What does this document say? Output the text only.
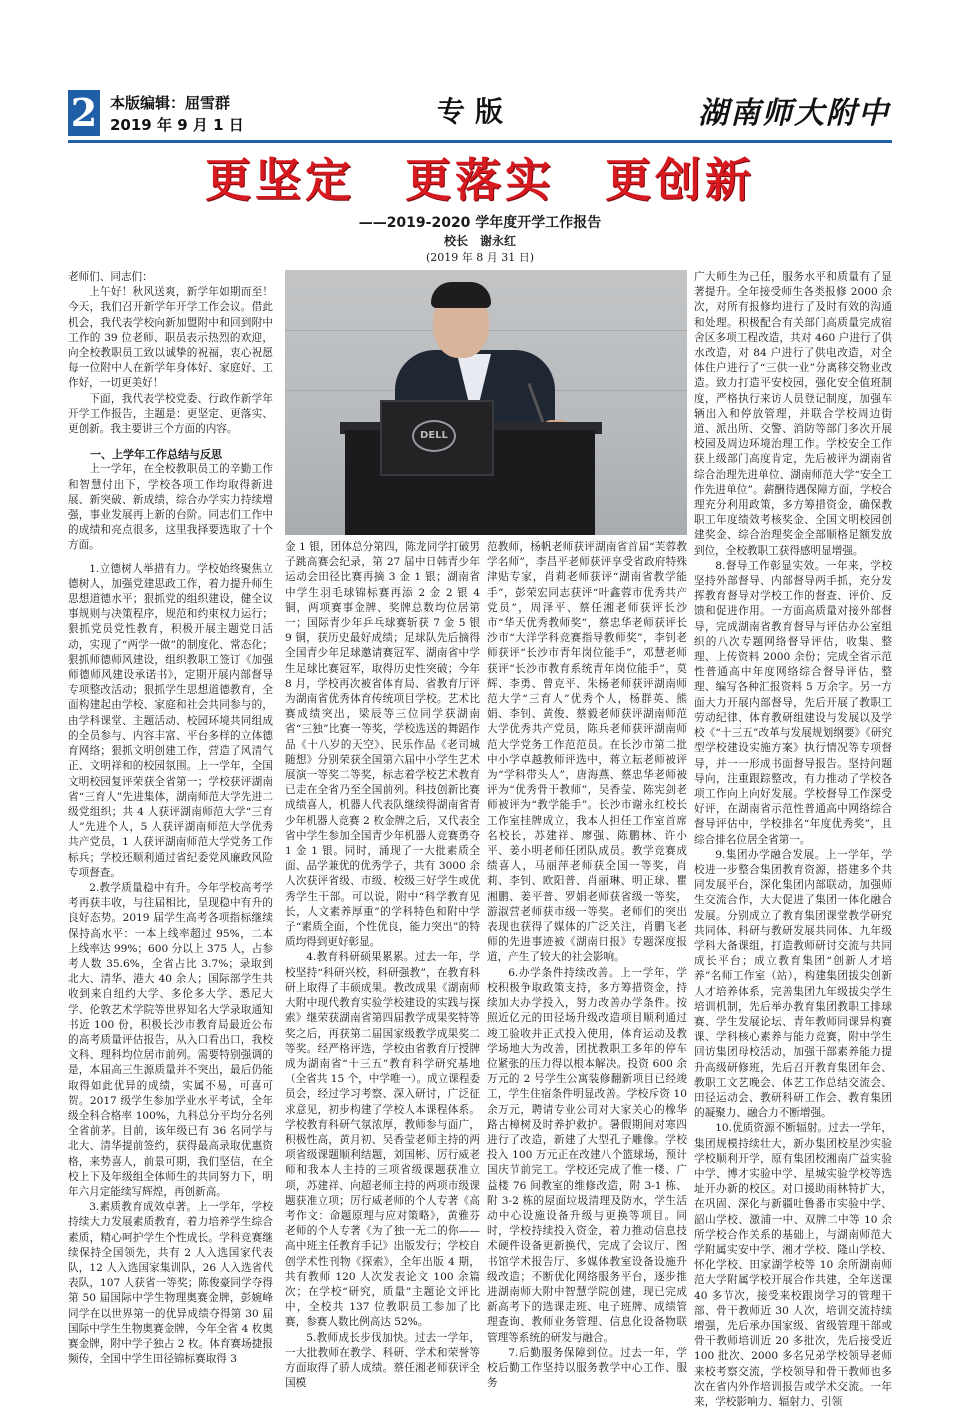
2 本版编辑：屈雪群
2019 年 9 月 1 日	专版	湖南师大附中
更坚定　更落实　更创新
——2019-2020 学年度开学工作报告
校长　谢永红
(2019 年 8 月 31 日)

老师们、同志们：

上午好！秋风送爽，新学年如期而至！今天，我们召开新学年开学工作会议。借此机会，我代表学校向新加盟附中和回到附中工作的 39 位老师、职员表示热烈的欢迎，向全校教职员工致以诚挚的祝福，衷心祝愿每一位附中人在新学年身体好、家庭好、工作好，一切更美好！

下面，我代表学校党委、行政作新学年开学工作报告，主题是：更坚定、更落实、更创新。我主要讲三个方面的内容。

一、上学年工作总结与反思

上一学年，在全校教职员工的辛勤工作和智慧付出下，学校各项工作均取得新进展、新突破、新成绩，综合办学实力持续增强，事业发展再上新的台阶。同志们工作中的成绩和亮点很多，这里我择要选取了十个方面。

1.立德树人举措有力。学校始终聚焦立德树人，加强党建思政工作，着力提升师生思想道德水平；狠抓党的组织建设，健全议事规则与决策程序，规范和约束权力运行；狠抓党员党性教育，积极开展主题党日活动，实现了“两学一做”的制度化、常态化；狠抓师德师风建设，组织教职工签订《加强师德师风建设承诺书》，定期开展内部督导专项整改活动；狠抓学生思想道德教育，全面构建起由学校、家庭和社会共同参与的，由学科课堂、主题活动、校园环境共同组成的全员参与、内容丰富、平台多样的立体德育网络；狠抓文明创建工作，营造了风清气正、文明祥和的校园氛围。上一学年，全国文明校园复评荣获全省第一；学校获评湖南省“三育人”先进集体，湖南师范大学先进二级党组织；共 4 人获评湖南师范大学“三育人”先进个人，5 人获评湖南师范大学优秀共产党员，1 人获评湖南师范大学党务工作标兵；学校还顺利通过省纪委党风廉政风险专项督查。

2.教学质量稳中有升。今年学校高考学考再获丰收，与往届相比，呈现稳中有升的良好态势。2019 届学生高考各项指标继续保持高水平：一本上线率超过 95%，二本上线率达 99%；600 分以上 375 人，占参考人数 35.6%，全省占比 3.7%；录取到北大、清华、港大 40 余人；国际部学生共收到来自纽约大学、多伦多大学、悉尼大学、伦敦艺术学院等世界知名大学录取通知书近 100 份，积极长沙市教育局最近公布的高考质量评估报告，从入口看出口，我校文科、理科均位居市前列。需要特别强调的是，本届高三生源质量并不突出，最后仍能取得如此优异的成绩，实属不易，可喜可贺。2017 级学生参加学业水平考试，全年级全科合格率 100%，九科总分平均分名列全省前茅。目前，该年级已有 36 名同学与北大、清华提前签约，获得最高录取优惠资格，来势喜人，前景可期，我们坚信，在全校上下及年级组全体师生的共同努力下，明年六月定能续写辉煌，再创新高。

3.素质教育成效卓著。上一学年，学校持续大力发展素质教育，着力培养学生综合素质，精心呵护学生个性成长。学科竞赛继续保持全国领先，共有 2 人入选国家代表队，12 人入选国家集训队，26 人入选省代表队，107 人获省一等奖；陈俊豪同学夺得第 50 届国际中学生物理奥赛金牌，彭婉峰同学在以世界第一的优异成绩夺得第 30 届国际中学生生物奥赛金牌，今年全省 4 枚奥赛金牌，附中学子独占 2 枚。体育赛场捷报频传，全国中学生田径锦标赛取得 3

DELL

金 1 银，团体总分第四，陈龙同学打破男子跳高赛会纪录，第 27 届中日韩青少年运动会田径比赛再摘 3 金 1 银；湖南省中学生羽毛球锦标赛再添 2 金 2 银 4 铜，两项赛事金牌、奖牌总数均位居第一；国际青少年乒乓球赛斩获 7 金 5 银 9 铜，获历史最好成绩；足球队先后摘得全国青少年足球邀请赛冠军、湖南省中学生足球比赛冠军，取得历史性突破；今年 8 月，学校再次被省体育局、省教育厅评为湖南省优秀体育传统项目学校。艺术比赛成绩突出，梁辰等三位同学获湖南省“三独”比赛一等奖，学校选送的舞蹈作品《十八岁的天空》、民乐作品《老司城随想》分别荣获全国第六届中小学生艺术展演一等奖二等奖，标志着学校艺术教育已走在全省乃至全国前列。科技创新比赛成绩喜人，机器人代表队继续得湖南省青少年机器人竞赛 2 枚金牌之后，又代表全省中学生参加全国青少年机器人竞赛勇夺 1 金 1 银。同时，涌现了一大批素质全面、品学兼优的优秀学子，共有 3000 余人次获评省级、市级、校级三好学生或优秀学生干部。可以说，附中“科学教育见长，人文素养厚重”的学科特色和附中学子“素质全面，个性优良，能力突出”的特质均得到更好彰显。

4.教育科研硕果累累。过去一年，学校坚持“科研兴校，科研强教”，在教育科研上取得了丰硕成果。教改成果《湖南师大附中现代教育实验学校建设的实践与探索》继荣获湖南省第四届教学成果奖特等奖之后，再获第二届国家级教学成果奖二等奖。经严格评选，学校由省教育厅授牌成为湖南省“十三五”教育科学研究基地（全省共 15 个，中学唯一）。成立课程委员会，经过学习考察、深入研讨，广泛征求意见，初步构建了学校人本课程体系。学校教育科研气氛浓厚，教师参与面广，积极性高，黄月初、吴香莹老师主持的两项省级课题顺利结题，刘国彬、厉行威老师和我本人主持的三项省级课题获准立项，苏建祥、向超老师主持的两项市级课题获准立项；厉行威老师的个人专著《高考作文：命题原理与应对策略》，黄雅芬老师的个人专著《为了独一无二的你——高中班主任教育手记》出版发行；学校自创学术性刊物《探索》，全年出版 4 期，共有教师 120 人次发表论文 100 余篇次；在学校“研究，质量”主题论文评比中，全校共 137 位教职员工参加了比赛，参赛人数比例高达 52%。

5.教师成长步伐加快。过去一学年，一大批教师在教学、科研、学术和荣誉等方面取得了骄人成绩。蔡任湘老师获评全国模

范教师，杨帆老师获评湖南省首届“芙蓉教学名师”，李昌平老师获评享受省政府特殊津贴专家，肖莉老师获评“湖南省教学能手”，彭荣宏同志获评“叶鑫蓉市优秀共产党员”，周泽平、蔡任湘老师获评长沙市“华天优秀教师奖”，蔡忠华老师获评长沙市“大洋学科竞赛指导教师奖”，李钊老师获评“长沙市青年岗位能手”，邓慧老师获评“长沙市教育系统青年岗位能手”，莫辉、李勇、曾克平、朱杨老师获评湖南师范大学“三育人”优秀个人，杨群英、熊娟、李钊、黄俊、蔡毅老师获评湖南师范大学优秀共产党员，陈兵老师获评湖南师范大学党务工作范范员。在长沙市第二批中小学卓越教师评选中，蒋立耘老师被评为“学科带头人”，唐海燕、蔡忠华老师被评为“优秀骨干教师”，吴香莹、陈宪剑老师被评为“教学能手”。长沙市谢永红校长工作室挂牌成立，我本人担任工作室首席名校长，苏建祥、廖强、陈鹏林、许小平、姜小明老师任团队成员。教学竞赛成绩喜人，马丽萍老师获全国一等奖，肖莉、李钊、欧阳普、肖丽琳、明正球、瞿湘鹏、姜平普、罗娟老师获省级一等奖，游淑营老师获市级一等奖。老师们的突出表现也获得了媒体的广泛关注，肖鹏飞老师的先进事迹被《湖南日报》专题深度报道，产生了较大的社会影响。

6.办学条件持续改善。上一学年，学校积极争取政策支持，多方筹措资金，持续加大办学投入，努力改善办学条件。按照近亿元的田径场升级改造项目顺利通过竣工验收并正式投入使用，体育运动及教学场地大为改善，团扰教职工多年的停车位紧张的压力得以根本解决。投资 600 余万元的 2 号学生公寓装修翻新项目已经竣工，学生住宿条件明显改善。学校斥资 10 余万元，聘请专业公司对大家关心的橡华路古樟树及时养护救护。暑假期间对寒四进行了改造，新建了大型孔子雕像。学校投入 100 万元正在改建八个篮球场，预计国庆节前完工。学校还完成了惟一楼、广益楼 76 间教室的维修改造，附 3-1 栋、附 3-2 栋的屋面垃圾清理及防水，学生活动中心设施设备升级与更换等项目。同时，学校持续投入资金，着力推动信息技术硬件设备更新换代，完成了会议厅、图书馆学术报告厅、多媒体教室设备设施升级改造；不断优化网络服务平台，逐步推进湖南师大附中智慧学院创建，现已完成新高考下的选课走班、电子班牌、成绩管理查询、教师业务管理、信息化设备物联管理等系统的研发与融合。

7.后勤服务保障到位。过去一年，学校后勤工作坚持以服务教学中心工作、服务

广大师生为己任，服务水平和质量有了显著提升。全年接受师生各类报修 2000 余次，对所有报修均进行了及时有效的沟通和处理。积极配合有关部门高质量完成宿舍区多项工程改造，共对 460 户进行了供水改造，对 84 户进行了供电改造，对全体住户进行了“三供一业”分离移交物业改造。致力打造平安校园，强化安全值班制度，严格执行来访人员登记制度，加强车辆出入和停放管理，并联合学校周边街道、派出所、交警、消防等部门多次开展校园及周边环境治理工作。学校安全工作获上级部门高度肯定，先后被评为湖南省综合治理先进单位、湖南师范大学“安全工作先进单位”。薪酬待遇保障方面，学校合理充分利用政策，多方筹措资金，确保教职工年度绩效考核奖金、全国文明校园创建奖金、综合治理奖金全部顺格足额发放到位，全校教职工获得感明显增强。

8.督导工作彰显实效。一年来，学校坚持外部督导、内部督导两手抓，充分发挥教育督导对学校工作的督查、评价、反馈和促进作用。一方面高质量对接外部督导，完成湖南省教育督导与评估办公室组织的八次专题网络督导评估，收集、整理、上传资料 2000 余份；完成全省示范性普通高中年度网络综合督导评估，整理、编写各种汇报资料 5 万余字。另一方面大力开展内部督导，先后开展了教职工劳动纪律、体育教研组建设与发展以及学校《“十三五”改革与发展规划纲要》《研究型学校建设实施方案》执行情况等专项督导，并一一形成书面督导报告。坚持问题导向，注重跟踪整改，有力推动了学校各项工作向上向好发展。学校督导工作深受好评，在湖南省示范性普通高中网络综合督导评估中，学校排名“年度优秀奖”，且综合排名位居全省第一。

9.集团办学融合发展。上一学年，学校进一步整合集团教育资源，搭建多个共同发展平台，深化集团内部联动，加强师生交流合作，大大促进了集团一体化融合发展。分别成立了教育集团课堂教学研究共同体、科研与教研发展共同体、九年级学科大备课组，打造教师研讨交流与共同成长平台；成立教育集团“创新人才培养”名师工作室（站），构建集团拔尖创新人才培养体系，完善集团九年级拔尖学生培训机制，先后举办教育集团教职工排球赛、学生发展论坛、青年教师同课异构赛课、学科核心素养与能力竞赛，附中学生回访集团母校活动，加强干部素养能力提升高级研修班，先后召开教育集团年会、教职工文艺晚会、体艺工作总结交流会、田径运动会、教研科研工作会、教育集团的凝聚力、融合力不断增强。

10.优质资源不断辐射。过去一学年，集团规模持续壮大，新办集团校星沙实验学校顺利开学，原有集团校湘南广益实验中学、博才实验中学、星城实验学校等选址开办新的校区。对口援助雨林特扩大，在巩固、深化与新疆吐鲁番市实验中学、韶山学校、激浦一中、双牌二中等 10 余所学校合作关系的基础上，与湖南师范大学附属实安中学、湘才学校、隆山学校、怀化学校、田家湖学校等 10 余所湖南师范大学附属学校开展合作共建，全年送课 40 多节次，接受来校跟岗学习的管理干部、骨干教师近 30 人次，培训交流持续增强，先后承办国家级、省级管理干部或骨干教师培训近 20 多批次，先后接受近 100 批次、2000 多名兄弟学校领导老师来校考察交流，学校领导和骨干教师也多次在省内外作培训报告或学术交流。一年来，学校影响力、辐射力、引领
